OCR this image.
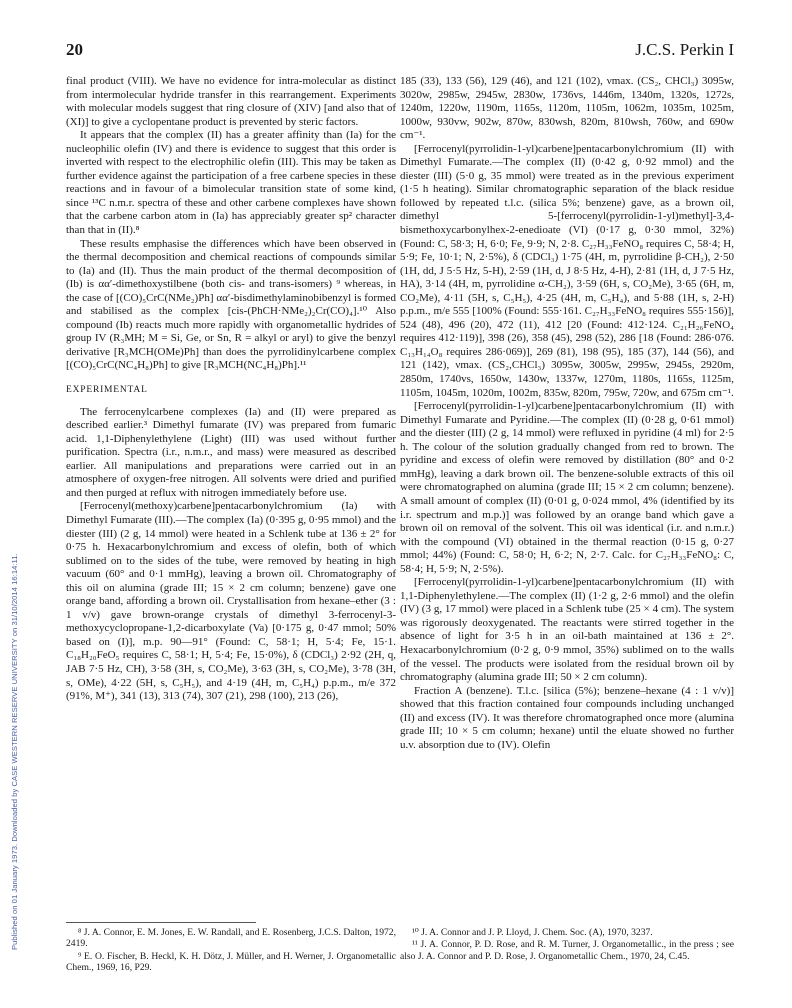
Published on 01 January 1973. Downloaded by CASE WESTERN RESERVE UNIVERSITY on 31/10/2014 16:14:11.
20	J.C.S. Perkin I

final product (VIII). We have no evidence for intra-molecular as distinct from intermolecular hydride transfer in this rearrangement. Experiments with molecular models suggest that ring closure of (XIV) [and also that of (XI)] to give a cyclopentane product is prevented by steric factors.

It appears that the complex (II) has a greater affinity than (Ia) for the nucleophilic olefin (IV) and there is evidence to suggest that this order is inverted with respect to the electrophilic olefin (III). This may be taken as further evidence against the participation of a free carbene species in these reactions and in favour of a bimolecular transition state of some kind, since ¹³C n.m.r. spectra of these and other carbene complexes have shown that the carbene carbon atom in (Ia) has appreciably greater sp² character than that in (II).⁸

These results emphasise the differences which have been observed in the thermal decomposition and chemical reactions of compounds similar to (Ia) and (II). Thus the main product of the thermal decomposition of (Ib) is αα′-dimethoxystilbene (both cis- and trans-isomers) ⁹ whereas, in the case of [(CO)₅CrC(NMe₂)Ph] αα′-bisdimethylaminobibenzyl is formed and stabilised as the complex [cis-(PhCH·NMe₂)₂Cr(CO)₄].¹⁰ Also compound (Ib) reacts much more rapidly with organometallic hydrides of group IV (R₃MH; M = Si, Ge, or Sn, R = alkyl or aryl) to give the benzyl derivative [R₃MCH(OMe)Ph] than does the pyrrolidinylcarbene complex [(CO)₅CrC(NC₄H₈)Ph] to give [R₃MCH(NC₄H₈)Ph].¹¹

EXPERIMENTAL

The ferrocenylcarbene complexes (Ia) and (II) were prepared as described earlier.³ Dimethyl fumarate (IV) was prepared from fumaric acid. 1,1-Diphenylethylene (Light) (III) was used without further purification. Spectra (i.r., n.m.r., and mass) were measured as described earlier. All manipulations and preparations were carried out in an atmosphere of oxygen-free nitrogen. All solvents were dried and purified and then purged at reflux with nitrogen immediately before use.

[Ferrocenyl(methoxy)carbene]pentacarbonylchromium (Ia) with Dimethyl Fumarate (III).—The complex (Ia) (0·395 g, 0·95 mmol) and the diester (III) (2 g, 14 mmol) were heated in a Schlenk tube at 136 ± 2° for 0·75 h. Hexacarbonylchromium and excess of olefin, both of which sublimed on to the sides of the tube, were removed by heating in high vacuum (60° and 0·1 mmHg), leaving a brown oil. Chromatography of this oil on alumina (grade III; 15 × 2 cm column; benzene) gave one orange band, affording a brown oil. Crystallisation from hexane–ether (3 : 1 v/v) gave brown-orange crystals of dimethyl 3-ferrocenyl-3-methoxycyclopropane-1,2-dicarboxylate (Va) [0·175 g, 0·47 mmol; 50% based on (I)], m.p. 90—91° (Found: C, 58·1; H, 5·4; Fe, 15·1. C₁₈H₂₀FeO₅ requires C, 58·1; H, 5·4; Fe, 15·0%), δ (CDCl₃) 2·92 (2H, q, JAB 7·5 Hz, CH), 3·58 (3H, s, CO₂Me), 3·63 (3H, s, CO₂Me), 3·78 (3H, s, OMe), 4·22 (5H, s, C₅H₅), and 4·19 (4H, m, C₅H₄) p.p.m., m/e 372 (91%, M⁺), 341 (13), 313 (74), 307 (21), 298 (100), 213 (26),

185 (33), 133 (56), 129 (46), and 121 (102), νmax. (CS₂, CHCl₃) 3095w, 3020w, 2985w, 2945w, 2830w, 1736vs, 1446m, 1340m, 1320s, 1272s, 1240m, 1220w, 1190m, 1165s, 1120m, 1105m, 1062m, 1035m, 1025m, 1000w, 930vw, 902w, 870w, 830wsh, 820m, 810wsh, 760w, and 690w cm⁻¹.

[Ferrocenyl(pyrrolidin-1-yl)carbene]pentacarbonylchromium (II) with Dimethyl Fumarate.—The complex (II) (0·42 g, 0·92 mmol) and the diester (III) (5·0 g, 35 mmol) were treated as in the previous experiment (1·5 h heating). Similar chromatographic separation of the black residue followed by repeated t.l.c. (silica 5%; benzene) gave, as a brown oil, dimethyl 5-[ferrocenyl(pyrrolidin-1-yl)methyl]-3,4-bismethoxycarbonylhex-2-enedioate (VI) (0·17 g, 0·30 mmol, 32%) (Found: C, 58·3; H, 6·0; Fe, 9·9; N, 2·8. C₂₇H₃₃FeNO₈ requires C, 58·4; H, 5·9; Fe, 10·1; N, 2·5%), δ (CDCl₃) 1·75 (4H, m, pyrrolidine β-CH₂), 2·50 (1H, dd, J 5·5 Hz, 5-H), 2·59 (1H, d, J 8·5 Hz, 4-H), 2·81 (1H, d, J 7·5 Hz, HA), 3·14 (4H, m, pyrrolidine α-CH₂), 3·59 (6H, s, CO₂Me), 3·65 (6H, m, CO₂Me), 4·11 (5H, s, C₅H₅), 4·25 (4H, m, C₅H₄), and 5·88 (1H, s, 2-H) p.p.m., m/e 555 [100% (Found: 555·161. C₂₇H₃₃FeNO₈ requires 555·156)], 524 (48), 496 (20), 472 (11), 412 [20 (Found: 412·124. C₂₁H₂₆FeNO₄ requires 412·119)], 398 (26), 358 (45), 298 (52), 286 [18 (Found: 286·076. C₁₃H₁₄O₈ requires 286·069)], 269 (81), 198 (95), 185 (37), 144 (56), and 121 (142), νmax. (CS₂,CHCl₃) 3095w, 3005w, 2995w, 2945s, 2920m, 2850m, 1740vs, 1650w, 1430w, 1337w, 1270m, 1180s, 1165s, 1125m, 1105m, 1045m, 1020m, 1002m, 835w, 820m, 795w, 720w, and 675m cm⁻¹.

[Ferrocenyl(pyrrolidin-1-yl)carbene]pentacarbonylchromium (II) with Dimethyl Fumarate and Pyridine.—The complex (II) (0·28 g, 0·61 mmol) and the diester (III) (2 g, 14 mmol) were refluxed in pyridine (4 ml) for 2·5 h. The colour of the solution gradually changed from red to brown. The pyridine and excess of olefin were removed by distillation (80° and 0·2 mmHg), leaving a dark brown oil. The benzene-soluble extracts of this oil were chromatographed on alumina (grade III; 15 × 2 cm column; benzene). A small amount of complex (II) (0·01 g, 0·024 mmol, 4% (identified by its i.r. spectrum and m.p.)] was followed by an orange band which gave a brown oil on removal of the solvent. This oil was identical (i.r. and n.m.r.) with the compound (VI) obtained in the thermal reaction (0·15 g, 0·27 mmol; 44%) (Found: C, 58·0; H, 6·2; N, 2·7. Calc. for C₂₇H₃₃FeNO₈: C, 58·4; H, 5·9; N, 2·5%).

[Ferrocenyl(pyrrolidin-1-yl)carbene]pentacarbonylchromium (II) with 1,1-Diphenylethylene.—The complex (II) (1·2 g, 2·6 mmol) and the olefin (IV) (3 g, 17 mmol) were placed in a Schlenk tube (25 × 4 cm). The system was rigorously deoxygenated. The reactants were stirred together in the absence of light for 3·5 h in an oil-bath maintained at 136 ± 2°. Hexacarbonylchromium (0·2 g, 0·9 mmol, 35%) sublimed on to the walls of the vessel. The products were isolated from the residual brown oil by chromatography (alumina grade III; 50 × 2 cm column).

Fraction A (benzene). T.l.c. [silica (5%); benzene–hexane (4 : 1 v/v)] showed that this fraction contained four compounds including unchanged (II) and excess (IV). It was therefore chromatographed once more (alumina grade III; 10 × 5 cm column; hexane) until the eluate showed no further u.v. absorption due to (IV). Olefin

⁸ J. A. Connor, E. M. Jones, E. W. Randall, and E. Rosenberg, J.C.S. Dalton, 1972, 2419.

⁹ E. O. Fischer, B. Heckl, K. H. Dötz, J. Müller, and H. Werner, J. Organometallic Chem., 1969, 16, P29.

¹⁰ J. A. Connor and J. P. Lloyd, J. Chem. Soc. (A), 1970, 3237.

¹¹ J. A. Connor, P. D. Rose, and R. M. Turner, J. Organometallic., in the press ; see also J. A. Connor and P. D. Rose, J. Organometallic Chem., 1970, 24, C.45.
